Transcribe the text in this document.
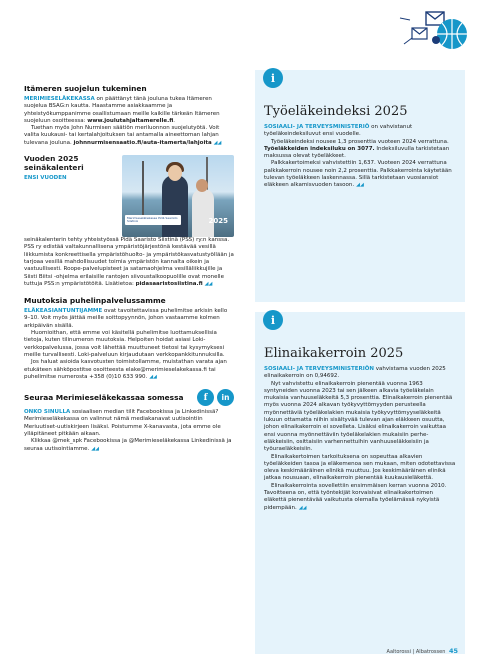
Itämeren suojelun tukeminen

MERIMIESELÄKEKASSA on päättänyt tänä jouluna tukea Itämeren suojelua BSAG:n kautta. Haastamme asiakkaamme ja yhteistyökumppanimme osallistumaan meille kaikille tärkeän Itämeren suojeluun osoitteessa: www.joulutahjaltamerelle.fi.

Tuethan myös John Nurmisen säätiön meriluonnon suojelutyötä. Voit valita kuukausi- tai kertalahjoituksen tai antamalla aineettoman lahjan tulevana jouluna. johnnurmisensaatio.fi/auta-itamerta/lahjoita ◢◢

Vuoden 2025 seinäkalenteri

ENSI VUODEN

Merimieseläkekassa Pidä Saaristo Siistinä	2025

seinäkalenterin tehty yhteistyössä Pidä Saaristo Siistinä (PSS) ry:n kanssa. PSS ry edistää valtakunnallisena ympäristöjärjestönä kestävää vesillä liikkumista konkreettisella ympäristöhuolto- ja ympäristökasvatustyöllään ja tarjoaa vesillä mahdollisuudet toimia ympäristön kannalta oikein ja vastuullisesti. Roope-palvelupisteet ja satamaohjelma vesilläliikkujille ja Siisti Biitsi -ohjelma erilaisille rantojen siivoustalkoopuolille ovat monelle tuttuja PSS:n ympäristötöitä. Lisätietoa: pidasaaristosiistina.fi ◢◢

Muutoksia puhelinpalvelussamme

ELÄKEASIANTUNTIJAMME ovat tavoitettavissa puhelimitse arkisin kello 9–10. Voit myös jättää meille soittopyynnön, johon vastaamme kolmen arkipäivän sisällä.

Huomioithan, että emme voi käsitellä puhelimitse luottamuksellisia tietoja, kuten tilinumeron muutoksia. Helpoiten hoidat asiasi Loki-verkkopalvelussa, jossa voit lähettää muuttuneet tietosi tai kysymyksesi meille turvallisesti. Loki-palveluun kirjaudutaan verkkopankkitunnuksilla.

Jos haluat asioida kasvotusten toimistollamme, muistathan varata ajan etukäteen sähköpostitse osoitteesta elake@merimieselakekassa.fi tai puhelimitse numerosta +358 (0)10 633 990. ◢◢

Seuraa Merimieseläkekassaa somessa	f	in

ONKO SINULLA sosiaalisen median tilit Facebookissa ja Linkedinissä? Merimieseläkekassa on valinnut nämä mediakanavat uutisointiin Meriuutiset-uutiskirjeen lisäksi. Poistumme X-kanavasta, jota emme ole ylläpitäneet pitkään aikaan.

Klikkaa @mek_spk Facebookissa ja @Merimieseläkekassa Linkedinissä ja seuraa uutisointiamme. ◢◢

i
Työeläkeindeksi 2025

SOSIAALI- JA TERVEYSMINISTERIÖ on vahvistanut työeläkeindeksiluvut ensi vuodelle.

Työeläkeindeksi nousee 1,3 prosenttia vuoteen 2024 verrattuna. Työeläkkeiden indeksiluku on 3077. Indeksiluvulla tarkistetaan maksussa olevat työeläkkeet.

Palkkakertoimeksi vahvistettiin 1,637. Vuoteen 2024 verrattuna palkkakerroin nousee noin 2,2 prosenttia. Palkkakerrointa käytetään tulevan työeläkkeen laskennassa. Sillä tarkistetaan vuosiansiot eläkkeen alkamisvuoden tasoon. ◢◢

i
Elinaikakerroin 2025

SOSIAALI- JA TERVEYSMINISTERIÖN vahvistama vuoden 2025 elinaikakerroin on 0,94692.

Nyt vahvistettu elinaikakerroin pienentää vuonna 1963 syntyneiden vuonna 2023 tai sen jälkeen alkavia työeläkelain mukaisia vanhuuseläkkeitä 5,3 prosenttia. Elinaikakerroin pienentää myös vuonna 2024 alkavan työkyvyttömyyden perusteella myönnettäviä työeläkelakien mukaisia työkyvyttömyyseläkkeitä lukuun ottamatta niihin sisältyvää tulevan ajan eläkkeen osuutta, johon elinaikakerroin ei sovelleta. Lisäksi elinaikakerroin vaikuttaa ensi vuonna myönnettäviin työeläkelakien mukaisiin perhe-eläkkeisiin, osittaisiin varhennettuihin vanhuuseläkkeisiin ja työuraeläkkeisiin.

Elinaikakertoimen tarkoituksena on sopeuttaa alkavien työeläkkeiden tasoa ja eläkemenoa sen mukaan, miten odotettavissa oleva keskimääräinen elinikä muuttuu. Jos keskimääräinen elinikä jatkaa nousuaan, elinaikakerroin pienentää kuukausieläkettä.

Elinaikakerrointa sovellettiin ensimmäisen kerran vuonna 2010. Tavoitteena on, että työntekijät korvaisivat elinaikakertoimen eläkettä pienentävää vaikutusta olemalla työelämässä nykyistä pidempään. ◢◢

Aaltorossi | Albatrossen 45
